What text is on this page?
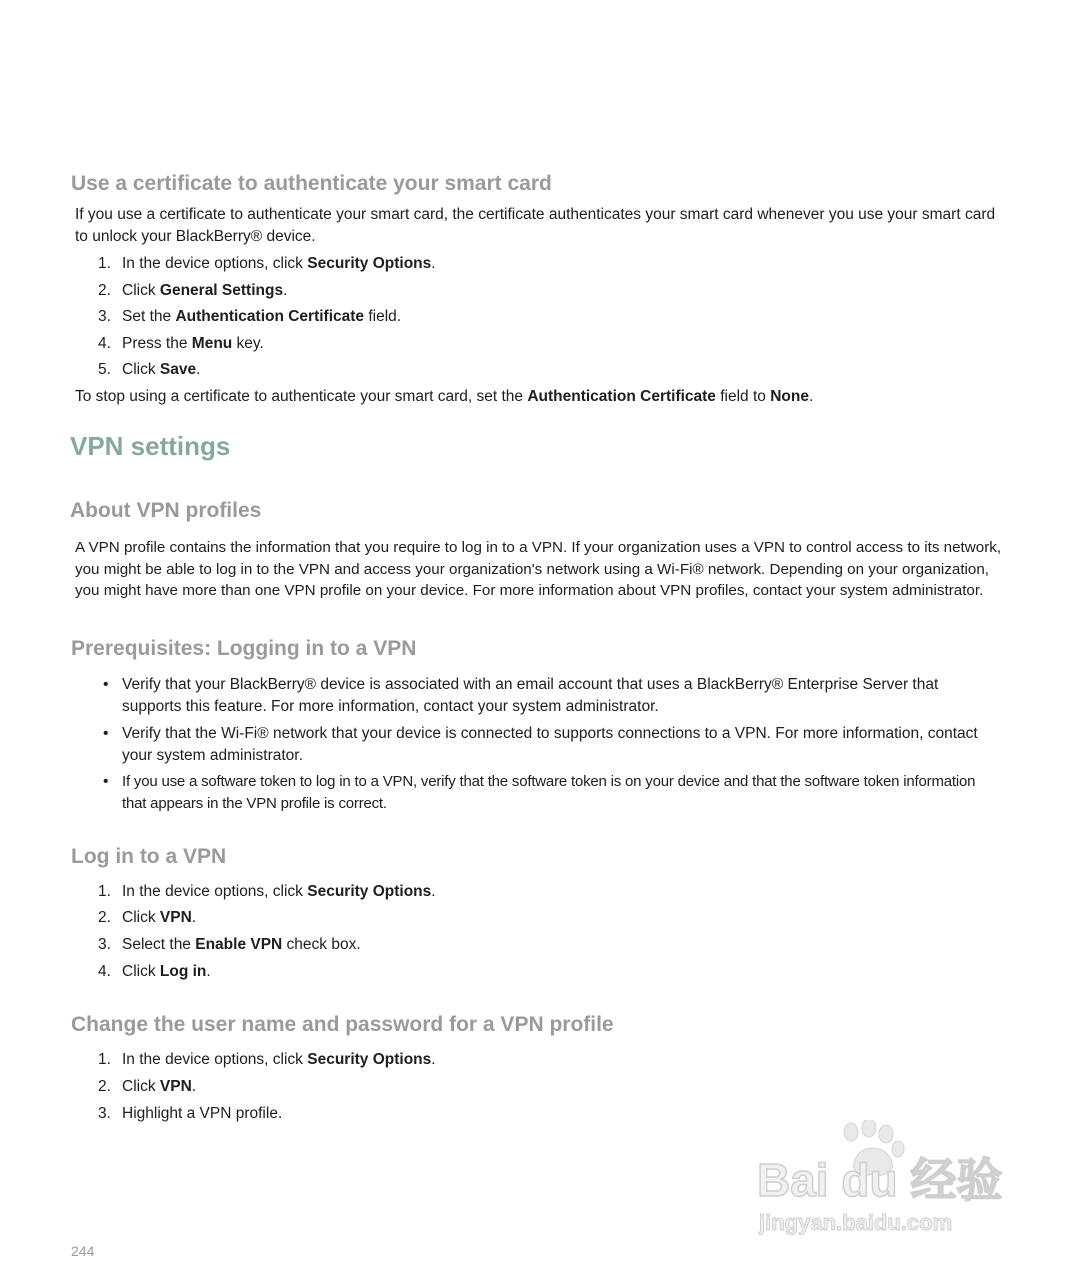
Use a certificate to authenticate your smart card

If you use a certificate to authenticate your smart card, the certificate authenticates your smart card whenever you use your smart card to unlock your BlackBerry® device.

1. In the device options, click Security Options.
2. Click General Settings.
3. Set the Authentication Certificate field.
4. Press the Menu key.
5. Click Save.

To stop using a certificate to authenticate your smart card, set the Authentication Certificate field to None.

VPN settings
About VPN profiles

A VPN profile contains the information that you require to log in to a VPN. If your organization uses a VPN to control access to its network, you might be able to log in to the VPN and access your organization's network using a Wi-Fi® network. Depending on your organization, you might have more than one VPN profile on your device. For more information about VPN profiles, contact your system administrator.

Prerequisites: Logging in to a VPN
• Verify that your BlackBerry® device is associated with an email account that uses a BlackBerry® Enterprise Server that supports this feature. For more information, contact your system administrator.
• Verify that the Wi-Fi® network that your device is connected to supports connections to a VPN. For more information, contact your system administrator.
• If you use a software token to log in to a VPN, verify that the software token is on your device and that the software token information that appears in the VPN profile is correct.
Log in to a VPN
1. In the device options, click Security Options.
2. Click VPN.
3. Select the Enable VPN check box.
4. Click Log in.
Change the user name and password for a VPN profile
1. In the device options, click Security Options.
2. Click VPN.
3. Highlight a VPN profile.
Bai du 经验
jingyan.baidu.com
244
